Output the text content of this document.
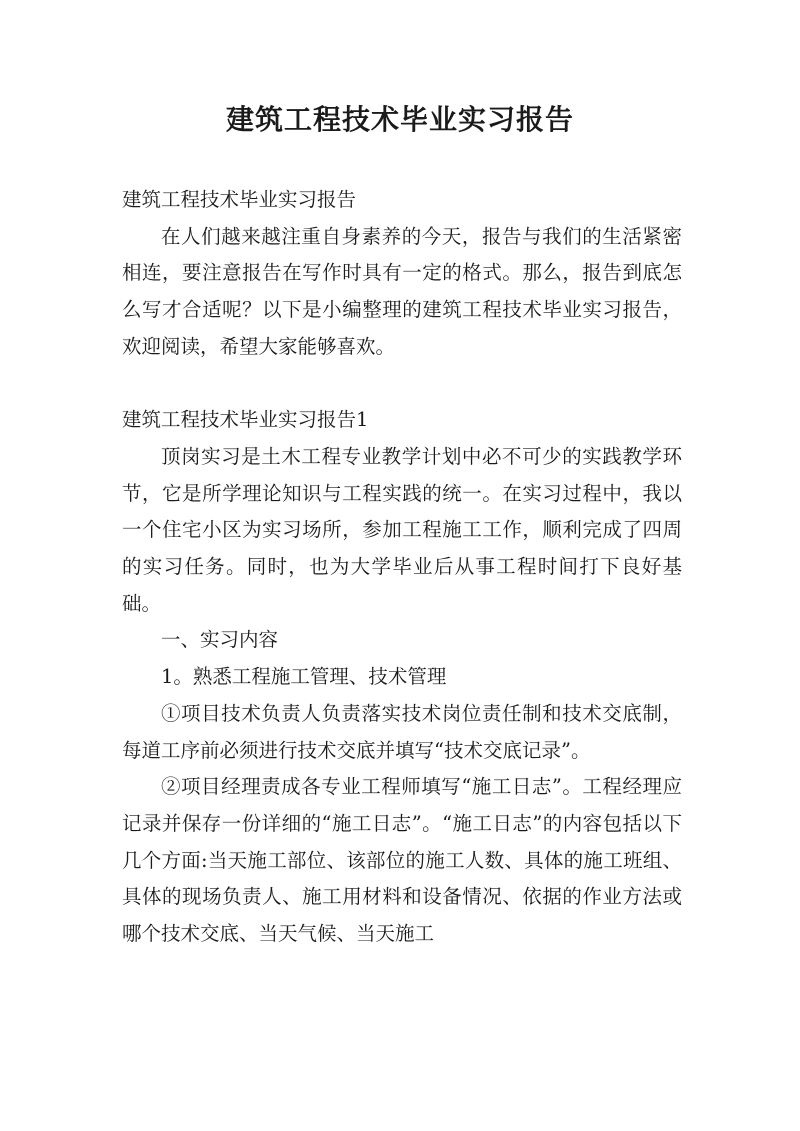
建筑工程技术毕业实习报告

建筑工程技术毕业实习报告

在人们越来越注重自身素养的今天，报告与我们的生活紧密相连，要注意报告在写作时具有一定的格式。那么，报告到底怎么写才合适呢？以下是小编整理的建筑工程技术毕业实习报告，欢迎阅读，希望大家能够喜欢。

建筑工程技术毕业实习报告1

顶岗实习是土木工程专业教学计划中必不可少的实践教学环节，它是所学理论知识与工程实践的统一。在实习过程中，我以一个住宅小区为实习场所，参加工程施工工作，顺利完成了四周的实习任务。同时，也为大学毕业后从事工程时间打下良好基础。

一、实习内容

1。熟悉工程施工管理、技术管理

①项目技术负责人负责落实技术岗位责任制和技术交底制，每道工序前必须进行技术交底并填写“技术交底记录”。

②项目经理责成各专业工程师填写“施工日志”。工程经理应记录并保存一份详细的“施工日志”。“施工日志”的内容包括以下几个方面:当天施工部位、该部位的施工人数、具体的施工班组、具体的现场负责人、施工用材料和设备情况、依据的作业方法或哪个技术交底、当天气候、当天施工
